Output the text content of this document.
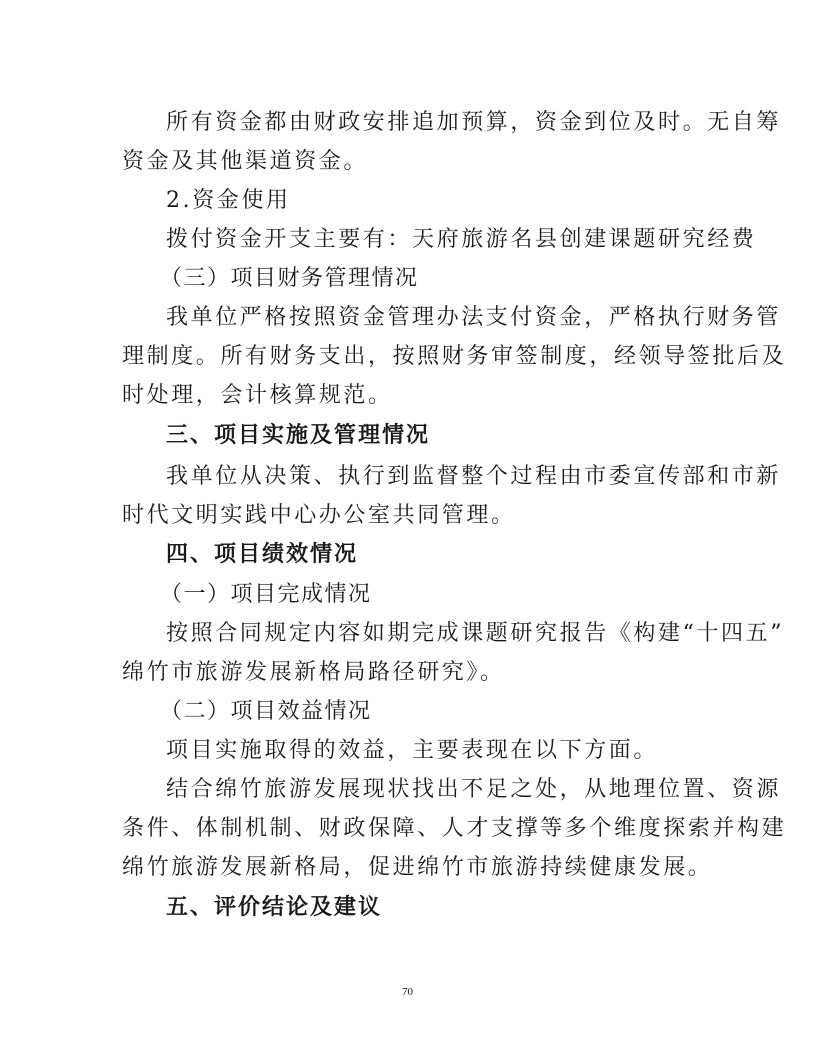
所有资金都由财政安排追加预算，资金到位及时。无自筹
资金及其他渠道资金。
2.资金使用
拨付资金开支主要有：天府旅游名县创建课题研究经费
（三）项目财务管理情况
我单位严格按照资金管理办法支付资金，严格执行财务管
理制度。所有财务支出，按照财务审签制度，经领导签批后及
时处理，会计核算规范。
三、项目实施及管理情况
我单位从决策、执行到监督整个过程由市委宣传部和市新
时代文明实践中心办公室共同管理。
四、项目绩效情况
（一）项目完成情况
按照合同规定内容如期完成课题研究报告《构建“十四五”
绵竹市旅游发展新格局路径研究》。
（二）项目效益情况
项目实施取得的效益，主要表现在以下方面。
结合绵竹旅游发展现状找出不足之处，从地理位置、资源
条件、体制机制、财政保障、人才支撑等多个维度探索并构建
绵竹旅游发展新格局，促进绵竹市旅游持续健康发展。
五、评价结论及建议
70
